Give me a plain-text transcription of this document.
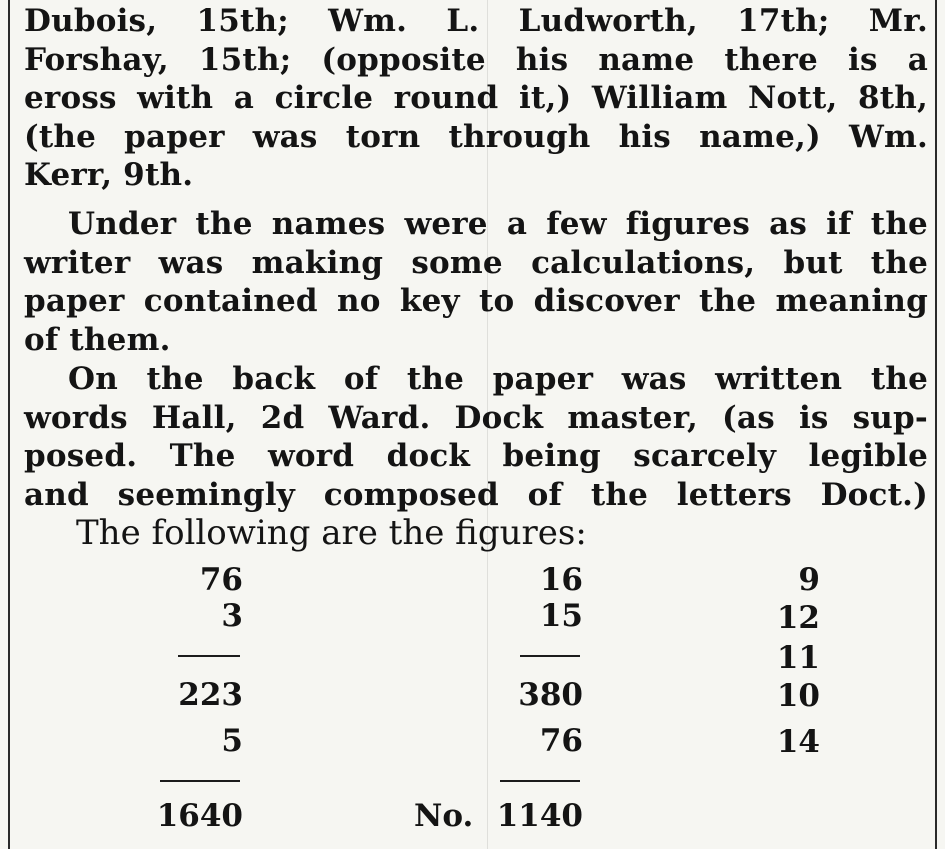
Dubois, 15th; Wm. L. Ludworth, 17th; Mr.
Forshay, 15th; (opposite his name there is a
eross with a circle round it,) William Nott, 8th,
(the paper was torn through his name,) Wm.
Kerr, 9th.
Under the names were a few figures as if the
writer was making some calculations, but the
paper contained no key to discover the meaning
of them.
On the back of the paper was written the
words Hall, 2d Ward. Dock master, (as is sup-
posed. The word dock being scarcely legible
and seemingly composed of the letters Doct.)
The following are the figures:
76
3
223
5
1640
16
15
380
76
No. 1140
9
12
11
10
14
